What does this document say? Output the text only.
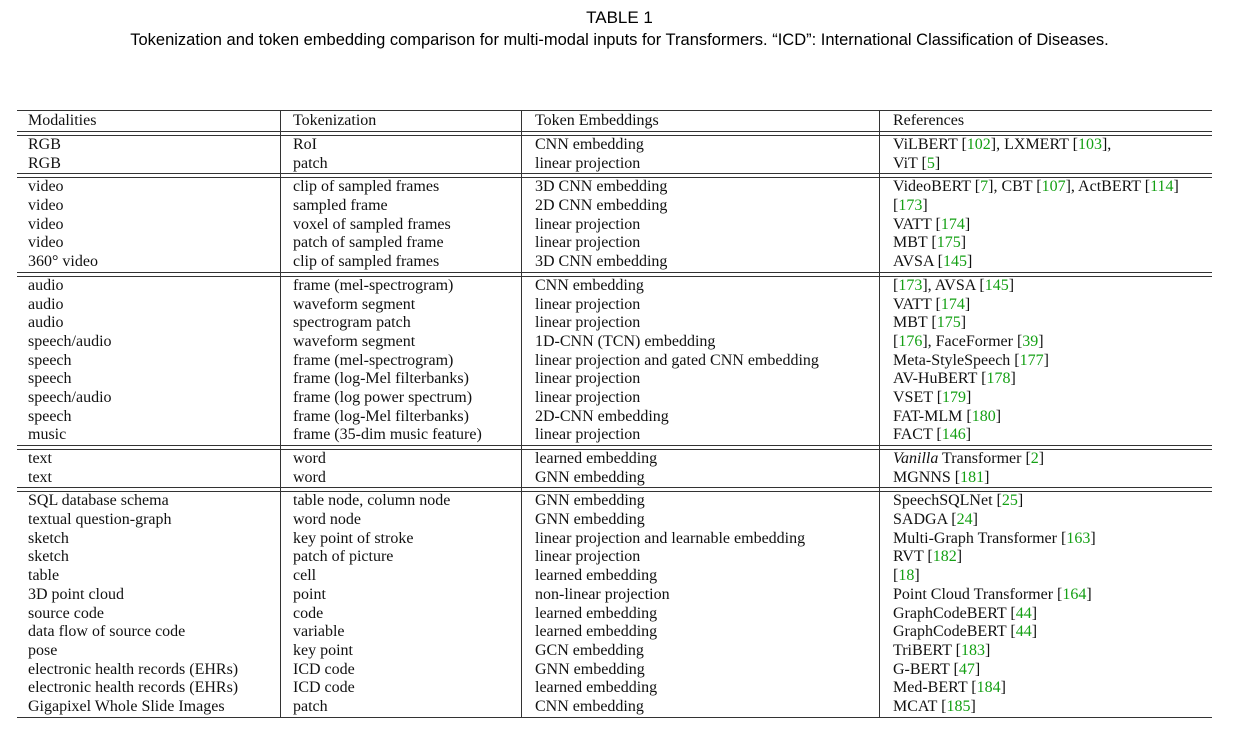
TABLE 1
Tokenization and token embedding comparison for multi-modal inputs for Transformers. “ICD”: International Classification of Diseases.
Modalities	Tokenization	Token Embeddings	References
RGB	RoI	CNN embedding	ViLBERT [102], LXMERT [103],
RGB	patch	linear projection	ViT [5]
video	clip of sampled frames	3D CNN embedding	VideoBERT [7], CBT [107], ActBERT [114]
video	sampled frame	2D CNN embedding	[173]
video	voxel of sampled frames	linear projection	VATT [174]
video	patch of sampled frame	linear projection	MBT [175]
360° video	clip of sampled frames	3D CNN embedding	AVSA [145]
audio	frame (mel-spectrogram)	CNN embedding	[173], AVSA [145]
audio	waveform segment	linear projection	VATT [174]
audio	spectrogram patch	linear projection	MBT [175]
speech/audio	waveform segment	1D-CNN (TCN) embedding	[176], FaceFormer [39]
speech	frame (mel-spectrogram)	linear projection and gated CNN embedding	Meta-StyleSpeech [177]
speech	frame (log-Mel filterbanks)	linear projection	AV-HuBERT [178]
speech/audio	frame (log power spectrum)	linear projection	VSET [179]
speech	frame (log-Mel filterbanks)	2D-CNN embedding	FAT-MLM [180]
music	frame (35-dim music feature)	linear projection	FACT [146]
text	word	learned embedding	Vanilla Transformer [2]
text	word	GNN embedding	MGNNS [181]
SQL database schema	table node, column node	GNN embedding	SpeechSQLNet [25]
textual question-graph	word node	GNN embedding	SADGA [24]
sketch	key point of stroke	linear projection and learnable embedding	Multi-Graph Transformer [163]
sketch	patch of picture	linear projection	RVT [182]
table	cell	learned embedding	[18]
3D point cloud	point	non-linear projection	Point Cloud Transformer [164]
source code	code	learned embedding	GraphCodeBERT [44]
data flow of source code	variable	learned embedding	GraphCodeBERT [44]
pose	key point	GCN embedding	TriBERT [183]
electronic health records (EHRs)	ICD code	GNN embedding	G-BERT [47]
electronic health records (EHRs)	ICD code	learned embedding	Med-BERT [184]
Gigapixel Whole Slide Images	patch	CNN embedding	MCAT [185]
